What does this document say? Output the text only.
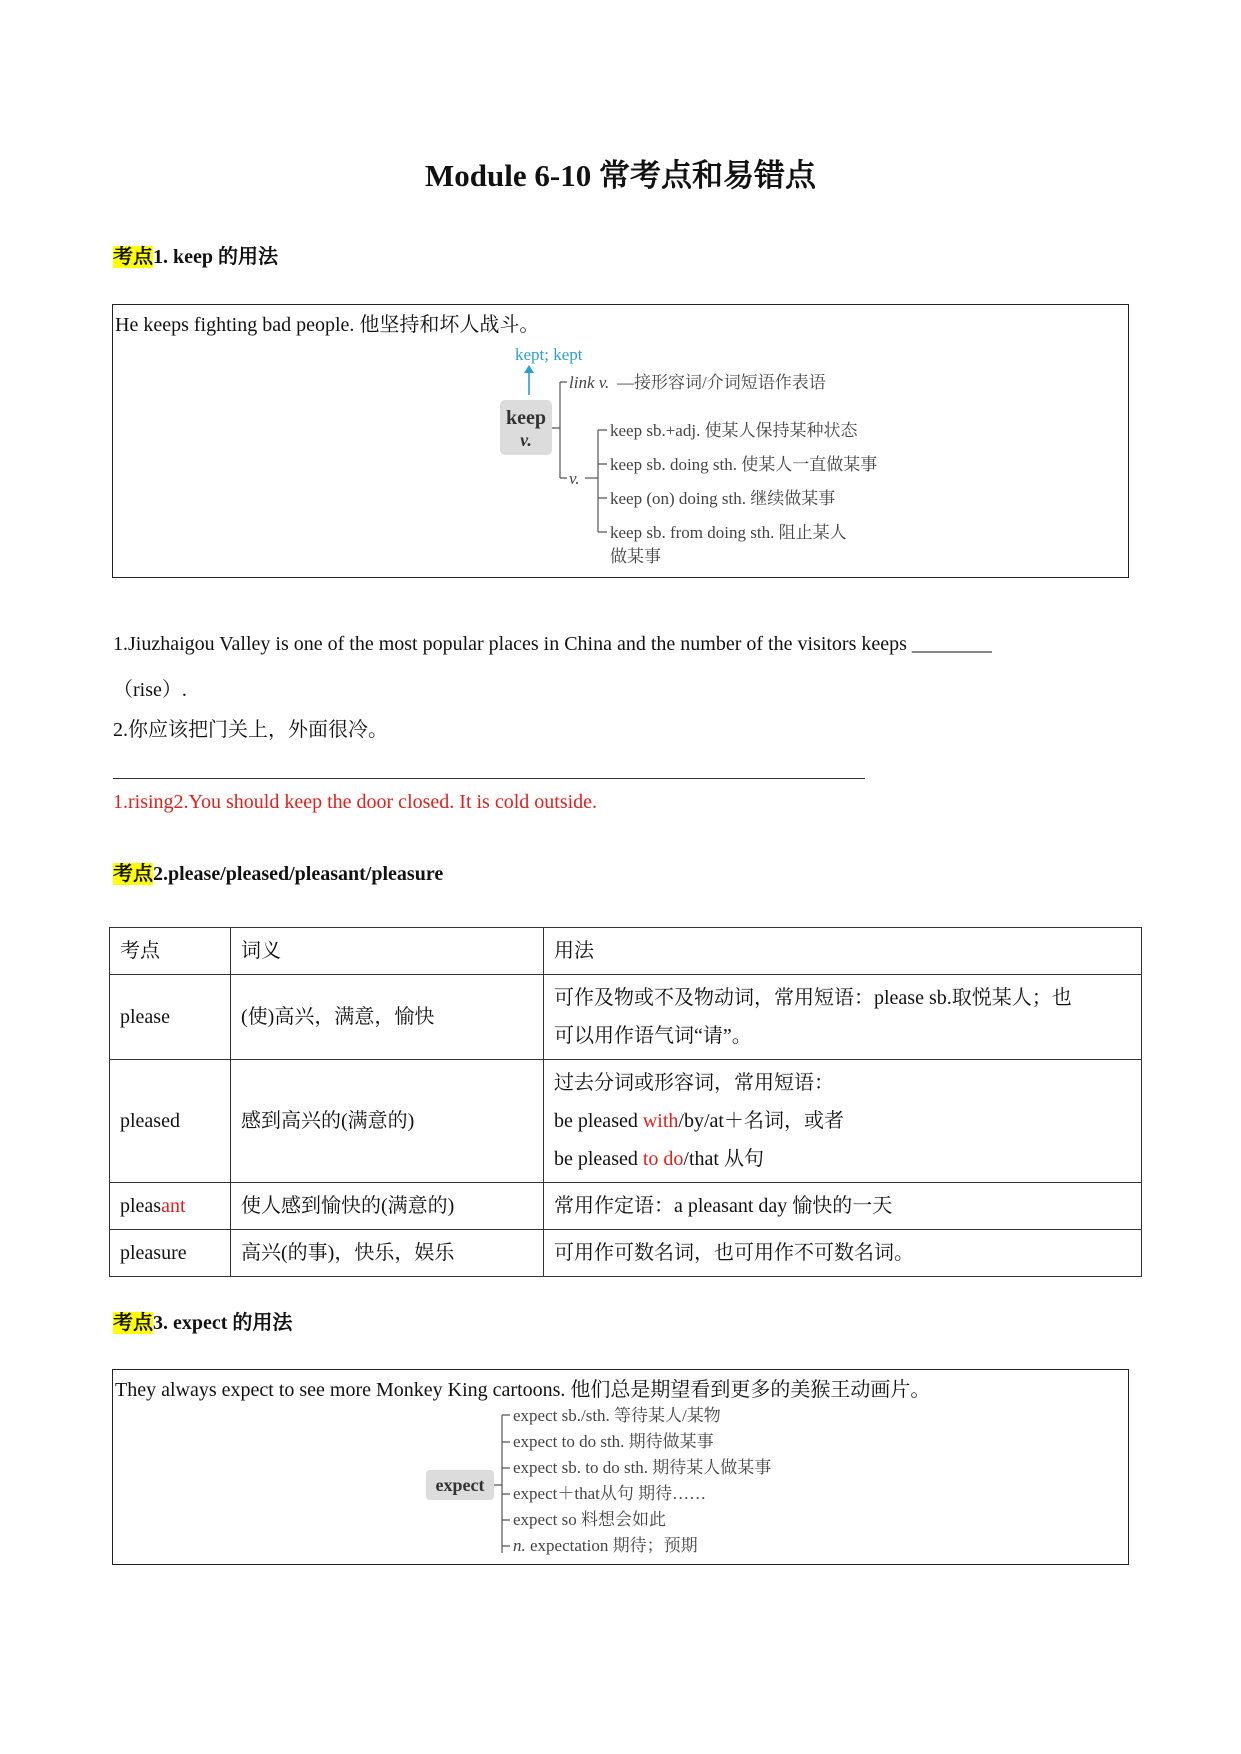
Module 6-10 常考点和易错点
考点1. keep 的用法
He keeps fighting bad people. 他坚持和坏人战斗。
kept; kept
keep
v.
link v. —接形容词/介词短语作表语
v.
keep sb.+adj. 使某人保持某种状态
keep sb. doing sth. 使某人一直做某事
keep (on) doing sth. 继续做某事
keep sb. from doing sth. 阻止某人
做某事
1.Jiuzhaigou Valley is one of the most popular places in China and the number of the visitors keeps ________
（rise）.
2.你应该把门关上，外面很冷。
1.rising2.You should keep the door closed. It is cold outside.
考点2.please/pleased/pleasant/pleasure
考点	词义	用法
please	(使)高兴，满意，愉快	可作及物或不及物动词，常用短语：please sb.取悦某人；也
可以用作语气词“请”。

pleased	感到高兴的(满意的)	过去分词或形容词，常用短语：
be pleased with/by/at＋名词，或者
be pleased to do/that 从句

pleasant	使人感到愉快的(满意的)	常用作定语：a pleasant day 愉快的一天
pleasure	高兴(的事)，快乐，娱乐	可用作可数名词，也可用作不可数名词。
考点3. expect 的用法
They always expect to see more Monkey King cartoons. 他们总是期望看到更多的美猴王动画片。
expect
expect sb./sth. 等待某人/某物
expect to do sth. 期待做某事
expect sb. to do sth. 期待某人做某事
expect＋that从句 期待……
expect so 料想会如此
n. expectation 期待；预期
